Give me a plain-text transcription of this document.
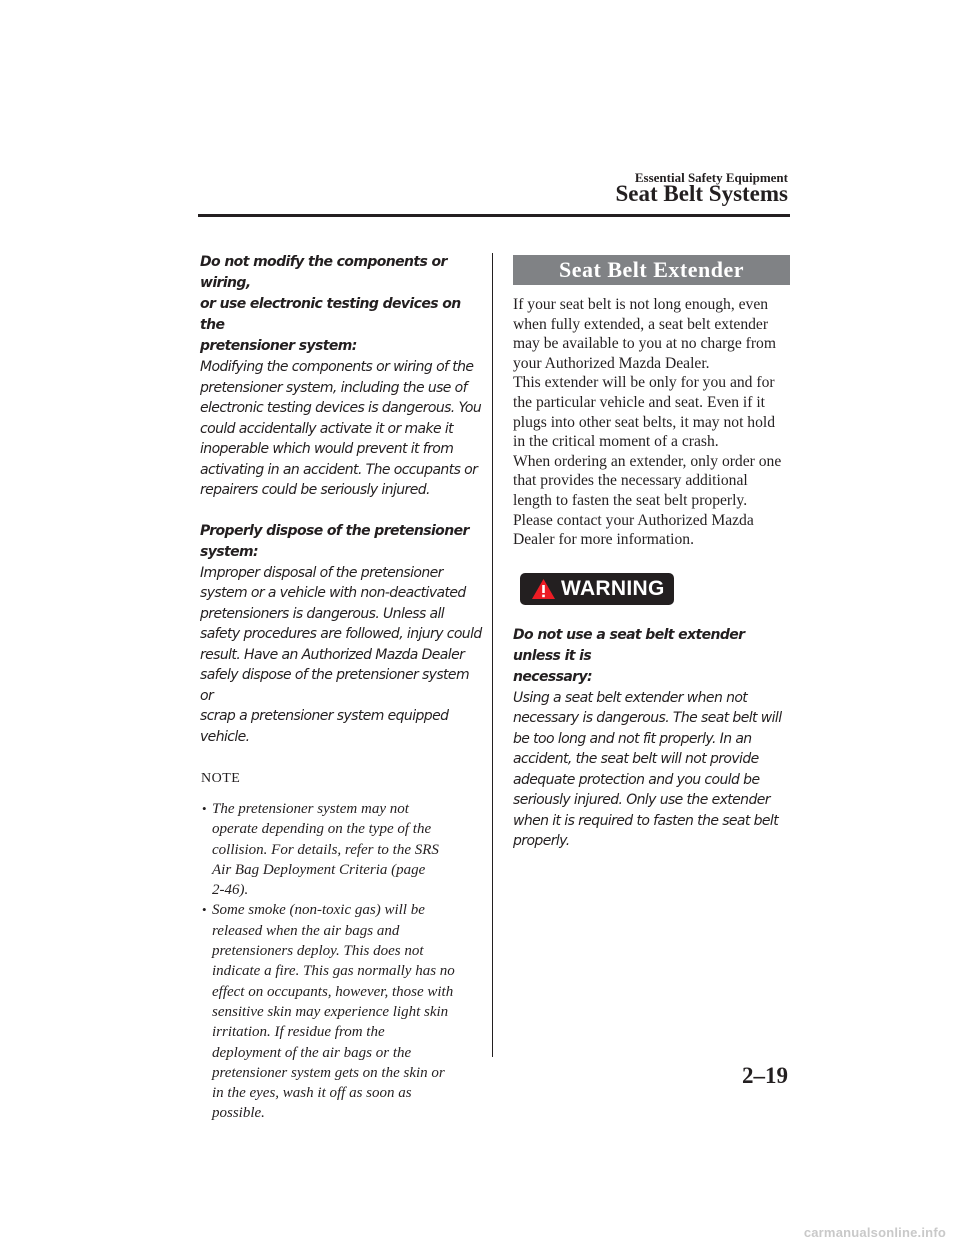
Essential Safety Equipment
Seat Belt Systems
Do not modify the components or wiring,
or use electronic testing devices on the
pretensioner system:
Modifying the components or wiring of the
pretensioner system, including the use of
electronic testing devices is dangerous. You
could accidentally activate it or make it
inoperable which would prevent it from
activating in an accident. The occupants or
repairers could be seriously injured.
Properly dispose of the pretensioner
system:
Improper disposal of the pretensioner
system or a vehicle with non-deactivated
pretensioners is dangerous. Unless all
safety procedures are followed, injury could
result. Have an Authorized Mazda Dealer
safely dispose of the pretensioner system or
scrap a pretensioner system equipped
vehicle.
NOTE
• The pretensioner system may not
operate depending on the type of the
collision. For details, refer to the SRS
Air Bag Deployment Criteria (page
2-46).
• Some smoke (non-toxic gas) will be
released when the air bags and
pretensioners deploy. This does not
indicate a fire. This gas normally has no
effect on occupants, however, those with
sensitive skin may experience light skin
irritation. If residue from the
deployment of the air bags or the
pretensioner system gets on the skin or
in the eyes, wash it off as soon as
possible.
Seat Belt Extender
If your seat belt is not long enough, even
when fully extended, a seat belt extender
may be available to you at no charge from
your Authorized Mazda Dealer.
This extender will be only for you and for
the particular vehicle and seat. Even if it
plugs into other seat belts, it may not hold
in the critical moment of a crash.
When ordering an extender, only order one
that provides the necessary additional
length to fasten the seat belt properly.
Please contact your Authorized Mazda
Dealer for more information.
WARNING
Do not use a seat belt extender unless it is
necessary:
Using a seat belt extender when not
necessary is dangerous. The seat belt will
be too long and not fit properly. In an
accident, the seat belt will not provide
adequate protection and you could be
seriously injured. Only use the extender
when it is required to fasten the seat belt
properly.
2–19
carmanualsonline.info
